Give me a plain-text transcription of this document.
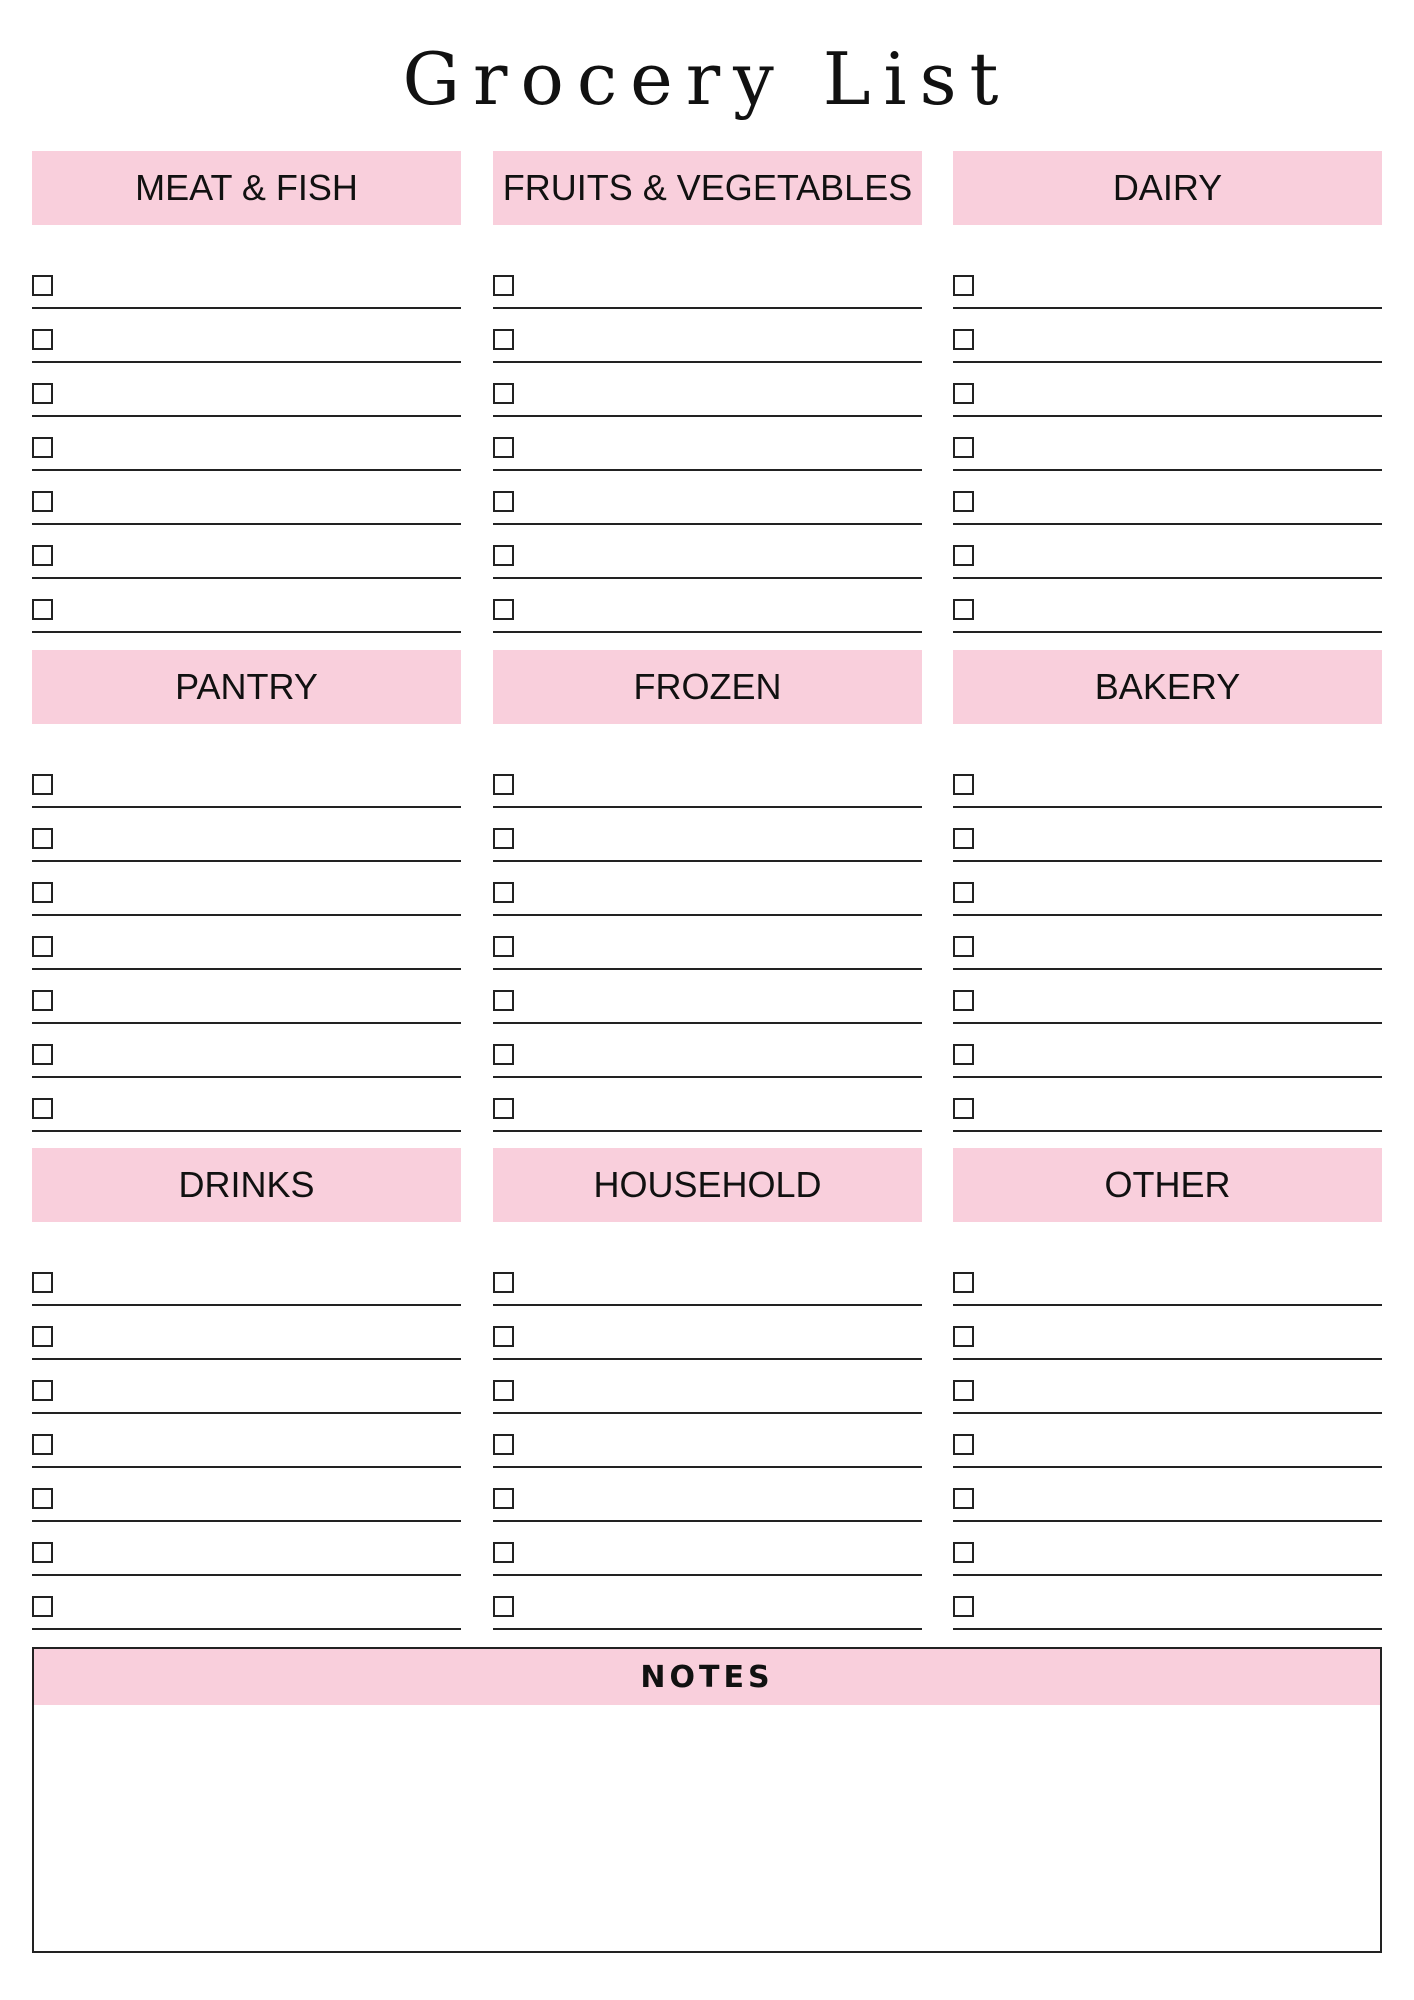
Grocery List
MEAT & FISH	FRUITS & VEGETABLES	DAIRY
PANTRY	FROZEN	BAKERY
DRINKS	HOUSEHOLD	OTHER
NOTES
